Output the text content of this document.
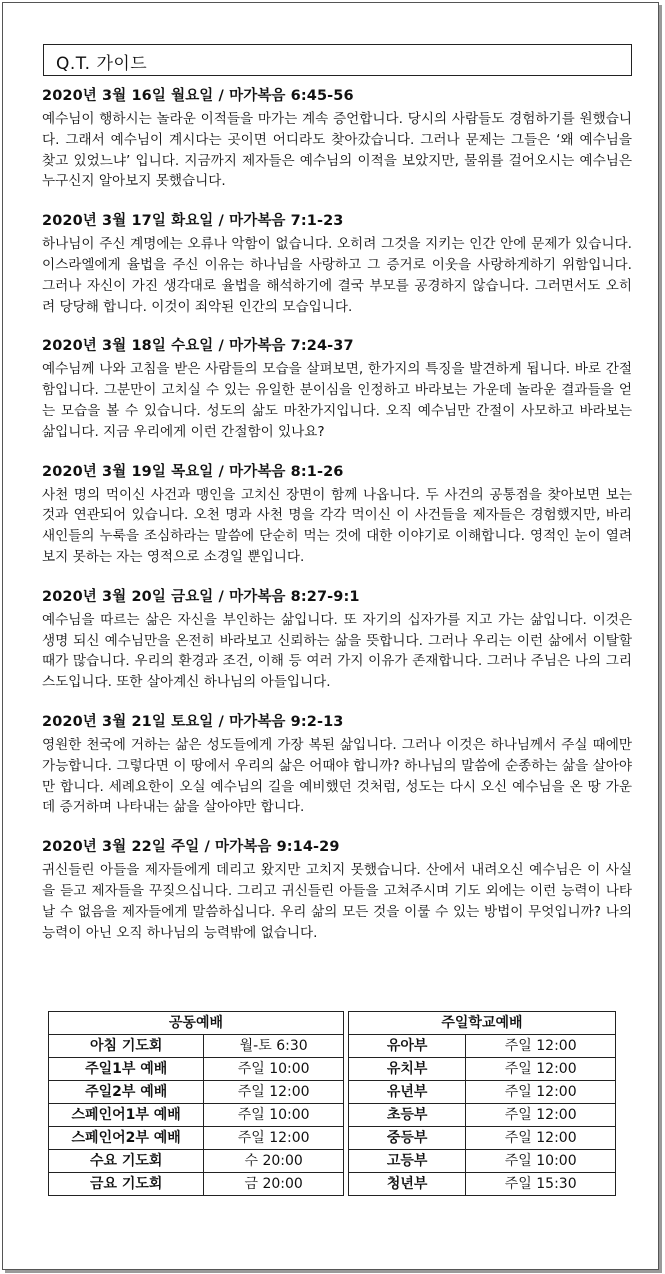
Q.T. 가이드
2020년 3월 16일 월요일 / 마가복음 6:45-56

예수님이 행하시는 놀라운 이적들을 마가는 계속 증언합니다. 당시의 사람들도 경험하기를 원했습니다. 그래서 예수님이 계시다는 곳이면 어디라도 찾아갔습니다. 그러나 문제는 그들은 ‘왜 예수님을 찾고 있었느냐’ 입니다. 지금까지 제자들은 예수님의 이적을 보았지만, 물위를 걸어오시는 예수님은 누구신지 알아보지 못했습니다.

2020년 3월 17일 화요일 / 마가복음 7:1-23

하나님이 주신 계명에는 오류나 악함이 없습니다. 오히려 그것을 지키는 인간 안에 문제가 있습니다. 이스라엘에게 율법을 주신 이유는 하나님을 사랑하고 그 증거로 이웃을 사랑하게하기 위함입니다. 그러나 자신이 가진 생각대로 율법을 해석하기에 결국 부모를 공경하지 않습니다. 그러면서도 오히려 당당해 합니다. 이것이 죄악된 인간의 모습입니다.

2020년 3월 18일 수요일 / 마가복음 7:24-37

예수님께 나와 고침을 받은 사람들의 모습을 살펴보면, 한가지의 특징을 발견하게 됩니다. 바로 간절함입니다. 그분만이 고치실 수 있는 유일한 분이심을 인정하고 바라보는 가운데 놀라운 결과들을 얻는 모습을 볼 수 있습니다. 성도의 삶도 마찬가지입니다. 오직 예수님만 간절이 사모하고 바라보는 삶입니다. 지금 우리에게 이런 간절함이 있나요?

2020년 3월 19일 목요일 / 마가복음 8:1-26

사천 명의 먹이신 사건과 맹인을 고치신 장면이 함께 나옵니다. 두 사건의 공통점을 찾아보면 보는 것과 연관되어 있습니다. 오천 명과 사천 명을 각각 먹이신 이 사건들을 제자들은 경험했지만, 바리새인들의 누룩을 조심하라는 말씀에 단순히 먹는 것에 대한 이야기로 이해합니다. 영적인 눈이 열려 보지 못하는 자는 영적으로 소경일 뿐입니다.

2020년 3월 20일 금요일 / 마가복음 8:27-9:1

예수님을 따르는 삶은 자신을 부인하는 삶입니다. 또 자기의 십자가를 지고 가는 삶입니다. 이것은 생명 되신 예수님만을 온전히 바라보고 신뢰하는 삶을 뜻합니다. 그러나 우리는 이런 삶에서 이탈할때가 많습니다. 우리의 환경과 조건, 이해 등 여러 가지 이유가 존재합니다. 그러나 주님은 나의 그리스도입니다. 또한 살아계신 하나님의 아들입니다.

2020년 3월 21일 토요일 / 마가복음 9:2-13

영원한 천국에 거하는 삶은 성도들에게 가장 복된 삶입니다. 그러나 이것은 하나님께서 주실 때에만 가능합니다. 그렇다면 이 땅에서 우리의 삶은 어때야 합니까? 하나님의 말씀에 순종하는 삶을 살아야만 합니다. 세례요한이 오실 예수님의 길을 예비했던 것처럼, 성도는 다시 오신 예수님을 온 땅 가운데 증거하며 나타내는 삶을 살아야만 합니다.

2020년 3월 22일 주일 / 마가복음 9:14-29

귀신들린 아들을 제자들에게 데리고 왔지만 고치지 못했습니다. 산에서 내려오신 예수님은 이 사실을 듣고 제자들을 꾸짖으십니다. 그리고 귀신들린 아들을 고쳐주시며 기도 외에는 이런 능력이 나타날 수 없음을 제자들에게 말씀하십니다. 우리 삶의 모든 것을 이룰 수 있는 방법이 무엇입니까? 나의 능력이 아닌 오직 하나님의 능력밖에 없습니다.

공동예배			주일학교예배	
아침 기도회	월-토 6:30		유아부	주일 12:00
주일1부 예배	주일 10:00		유치부	주일 12:00
주일2부 예배	주일 12:00		유년부	주일 12:00
스페인어1부 예배	주일 10:00		초등부	주일 12:00
스페인어2부 예배	주일 12:00		중등부	주일 12:00
수요 기도회	수 20:00		고등부	주일 10:00
금요 기도회	금 20:00		청년부	주일 15:30
